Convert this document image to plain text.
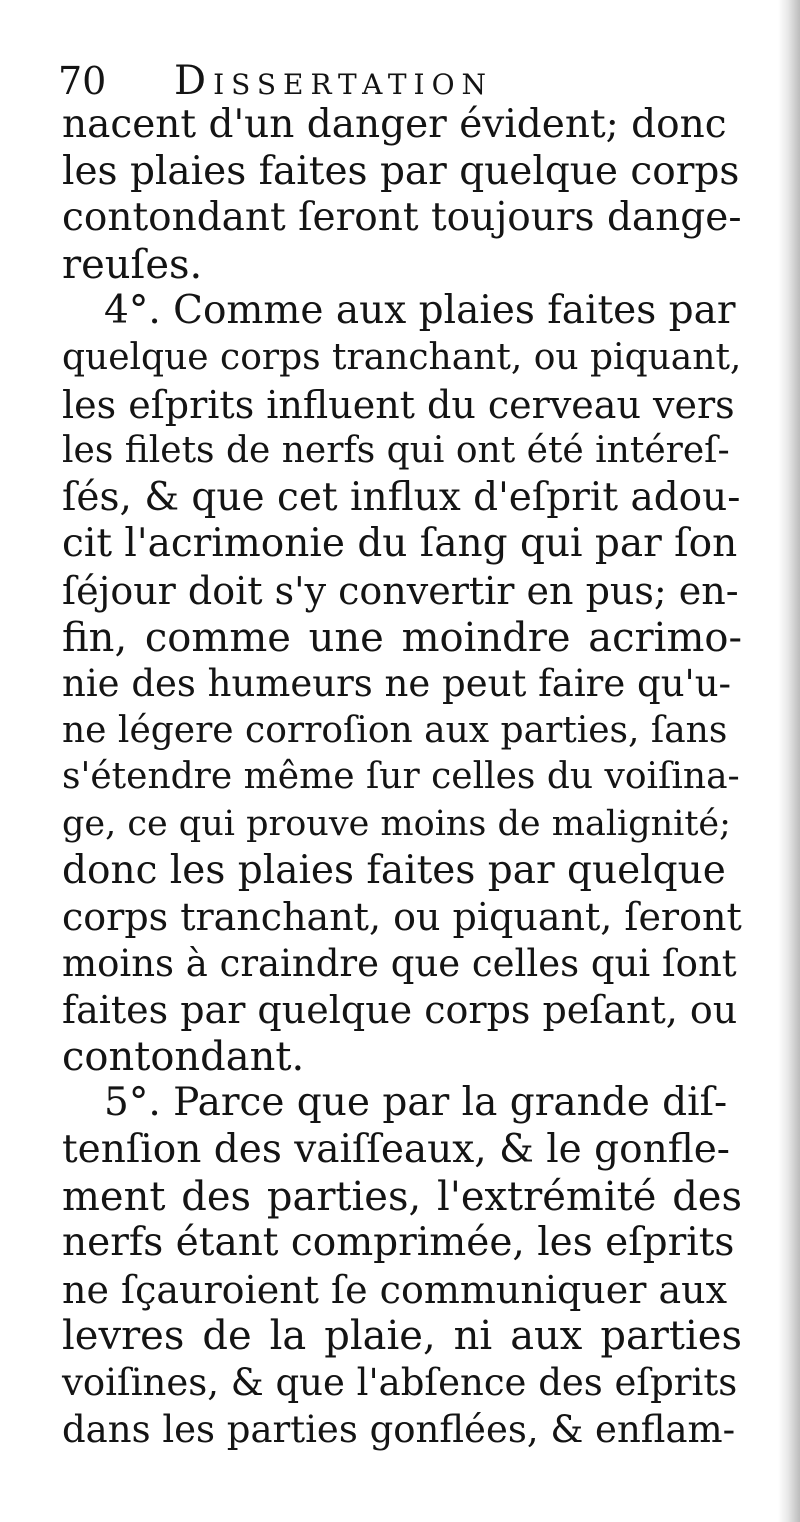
70 Dissertation
nacent d'un danger évident; donc
les plaies faites par quelque corps
contondant ſeront toujours dange-
reuſes.
4°. Comme aux plaies faites par
quelque corps tranchant, ou piquant,
les eſprits influent du cerveau vers
les filets de nerfs qui ont été intéreſ-
ſés, & que cet influx d'eſprit adou-
cit l'acrimonie du ſang qui par ſon
ſéjour doit s'y convertir en pus; en-
fin, comme une moindre acrimo-
nie des humeurs ne peut faire qu'u-
ne légere corroſion aux parties, ſans
s'étendre même ſur celles du voiſina-
ge, ce qui prouve moins de malignité;
donc les plaies faites par quelque
corps tranchant, ou piquant, ſeront
moins à craindre que celles qui ſont
faites par quelque corps peſant, ou
contondant.
5°. Parce que par la grande diſ-
tenſion des vaiſſeaux, & le gonfle-
ment des parties, l'extrémité des
nerfs étant comprimée, les eſprits
ne ſçauroient ſe communiquer aux
levres de la plaie, ni aux parties
voiſines, & que l'abſence des eſprits
dans les parties gonflées, & enflam-
